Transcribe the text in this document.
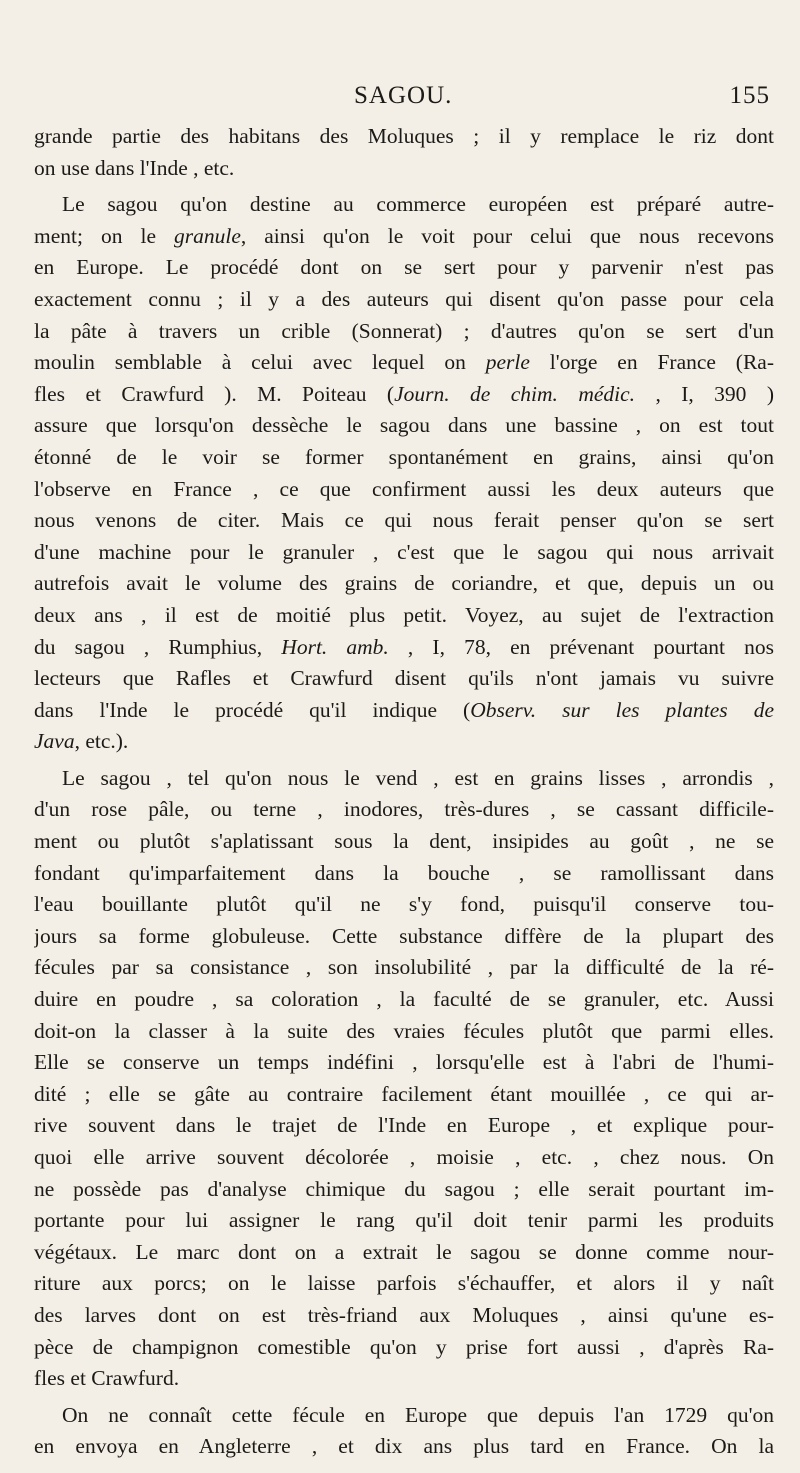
SAGOU.	155
grande partie des habitans des Moluques ; il y remplace le riz dont
on use dans l'Inde , etc.
Le sagou qu'on destine au commerce européen est préparé autre-
ment; on le granule, ainsi qu'on le voit pour celui que nous recevons
en Europe. Le procédé dont on se sert pour y parvenir n'est pas
exactement connu ; il y a des auteurs qui disent qu'on passe pour cela
la pâte à travers un crible (Sonnerat) ; d'autres qu'on se sert d'un
moulin semblable à celui avec lequel on perle l'orge en France (Ra-
fles et Crawfurd ). M. Poiteau (Journ. de chim. médic. , I, 390 )
assure que lorsqu'on dessèche le sagou dans une bassine , on est tout
étonné de le voir se former spontanément en grains, ainsi qu'on
l'observe en France , ce que confirment aussi les deux auteurs que
nous venons de citer. Mais ce qui nous ferait penser qu'on se sert
d'une machine pour le granuler , c'est que le sagou qui nous arrivait
autrefois avait le volume des grains de coriandre, et que, depuis un ou
deux ans , il est de moitié plus petit. Voyez, au sujet de l'extraction
du sagou , Rumphius, Hort. amb. , I, 78, en prévenant pourtant nos
lecteurs que Rafles et Crawfurd disent qu'ils n'ont jamais vu suivre
dans l'Inde le procédé qu'il indique (Observ. sur les plantes de
Java, etc.).
Le sagou , tel qu'on nous le vend , est en grains lisses , arrondis ,
d'un rose pâle, ou terne , inodores, très-dures , se cassant difficile-
ment ou plutôt s'aplatissant sous la dent, insipides au goût , ne se
fondant qu'imparfaitement dans la bouche , se ramollissant dans
l'eau bouillante plutôt qu'il ne s'y fond, puisqu'il conserve tou-
jours sa forme globuleuse. Cette substance diffère de la plupart des
fécules par sa consistance , son insolubilité , par la difficulté de la ré-
duire en poudre , sa coloration , la faculté de se granuler, etc. Aussi
doit-on la classer à la suite des vraies fécules plutôt que parmi elles.
Elle se conserve un temps indéfini , lorsqu'elle est à l'abri de l'humi-
dité ; elle se gâte au contraire facilement étant mouillée , ce qui ar-
rive souvent dans le trajet de l'Inde en Europe , et explique pour-
quoi elle arrive souvent décolorée , moisie , etc. , chez nous. On
ne possède pas d'analyse chimique du sagou ; elle serait pourtant im-
portante pour lui assigner le rang qu'il doit tenir parmi les produits
végétaux. Le marc dont on a extrait le sagou se donne comme nour-
riture aux porcs; on le laisse parfois s'échauffer, et alors il y naît
des larves dont on est très-friand aux Moluques , ainsi qu'une es-
pèce de champignon comestible qu'on y prise fort aussi , d'après Ra-
fles et Crawfurd.
On ne connaît cette fécule en Europe que depuis l'an 1729 qu'on
en envoya en Angleterre , et dix ans plus tard en France. On la
